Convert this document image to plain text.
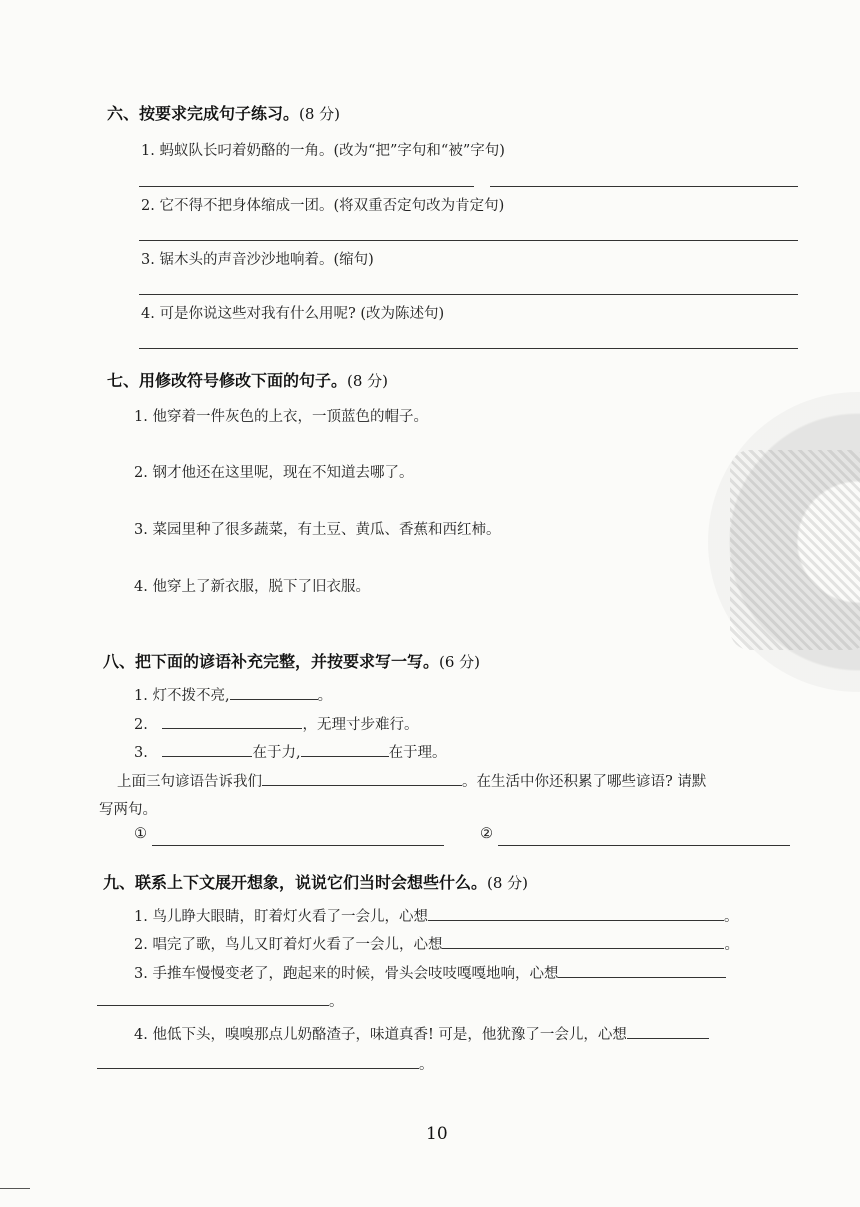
六、按要求完成句子练习。(8 分)
1. 蚂蚁队长叼着奶酪的一角。(改为“把”字句和“被”字句)
2. 它不得不把身体缩成一团。(将双重否定句改为肯定句)
3. 锯木头的声音沙沙地响着。(缩句)
4. 可是你说这些对我有什么用呢? (改为陈述句)
七、用修改符号修改下面的句子。(8 分)
1. 他穿着一件灰色的上衣，一顶蓝色的帽子。
2. 钢才他还在这里呢，现在不知道去哪了。
3. 菜园里种了很多蔬菜，有土豆、黄瓜、香蕉和西红柿。
4. 他穿上了新衣服，脱下了旧衣服。
八、把下面的谚语补充完整，并按要求写一写。(6 分)
1. 灯不拨不亮,	。
2.	，无理寸步难行。
3.	在于力,	在于理。
上面三句谚语告诉我们	。在生活中你还积累了哪些谚语? 请默
写两句。
①	②
九、联系上下文展开想象，说说它们当时会想些什么。(8 分)
1. 鸟儿睁大眼睛，盯着灯火看了一会儿，心想	。
2. 唱完了歌，鸟儿又盯着灯火看了一会儿，心想	。
3. 手推车慢慢变老了，跑起来的时候，骨头会吱吱嘎嘎地响，心想
。
4. 他低下头，嗅嗅那点儿奶酪渣子，味道真香! 可是，他犹豫了一会儿，心想
。
10
